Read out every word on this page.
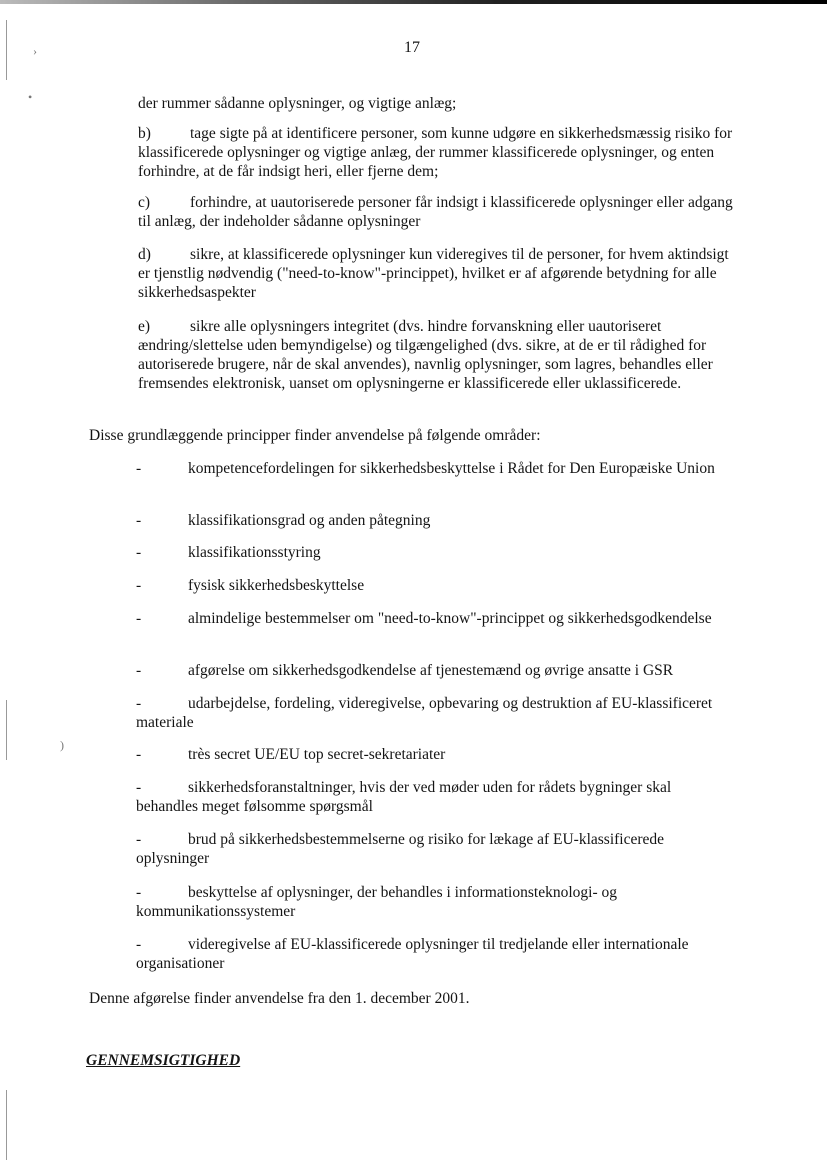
›
•
)
17
der rummer sådanne oplysninger, og vigtige anlæg;
b)	tage sigte på at identificere personer, som kunne udgøre en sikkerhedsmæssig risiko for klassificerede oplysninger og vigtige anlæg, der rummer klassificerede oplysninger, og enten forhindre, at de får indsigt heri, eller fjerne dem;
c)	forhindre, at uautoriserede personer får indsigt i klassificerede oplysninger eller adgang til anlæg, der indeholder sådanne oplysninger
d)	sikre, at klassificerede oplysninger kun videregives til de personer, for hvem aktindsigt er tjenstlig nødvendig ("need-to-know"-princippet), hvilket er af afgørende betydning for alle sikkerhedsaspekter
e)	sikre alle oplysningers integritet (dvs. hindre forvanskning eller uautoriseret ændring/slettelse uden bemyndigelse) og tilgængelighed (dvs. sikre, at de er til rådighed for autoriserede brugere, når de skal anvendes), navnlig oplysninger, som lagres, behandles eller fremsendes elektronisk, uanset om oplysningerne er klassificerede eller uklassificerede.
Disse grundlæggende principper finder anvendelse på følgende områder:
-	kompetencefordelingen for sikkerhedsbeskyttelse i Rådet for Den Europæiske Union
-	klassifikationsgrad og anden påtegning
-	klassifikationsstyring
-	fysisk sikkerhedsbeskyttelse
-	almindelige bestemmelser om "need-to-know"-princippet og sikkerhedsgodkendelse
-	afgørelse om sikkerhedsgodkendelse af tjenestemænd og øvrige ansatte i GSR
-	udarbejdelse, fordeling, videregivelse, opbevaring og destruktion af EU-klassificeret materiale
-	très secret UE/EU top secret-sekretariater
-	sikkerhedsforanstaltninger, hvis der ved møder uden for rådets bygninger skal behandles meget følsomme spørgsmål
-	brud på sikkerhedsbestemmelserne og risiko for lækage af EU-klassificerede oplysninger
-	beskyttelse af oplysninger, der behandles i informationsteknologi- og kommunikationssystemer
-	videregivelse af EU-klassificerede oplysninger til tredjelande eller internationale organisationer
Denne afgørelse finder anvendelse fra den 1. december 2001.
GENNEMSIGTIGHED
